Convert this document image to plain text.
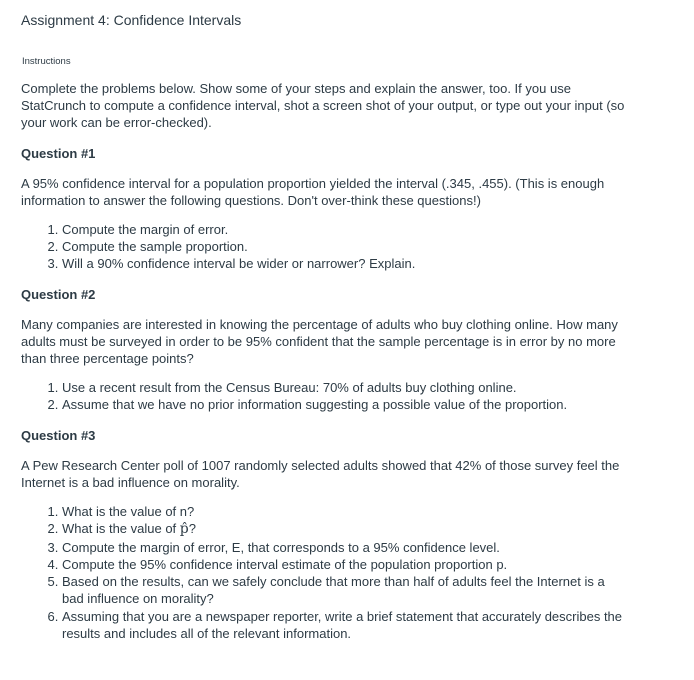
Assignment 4: Confidence Intervals
Instructions

Complete the problems below. Show some of your steps and explain the answer, too. If you use StatCrunch to compute a confidence interval, shot a screen shot of your output, or type out your input (so your work can be error-checked).

Question #1

A 95% confidence interval for a population proportion yielded the interval (.345, .455). (This is enough information to answer the following questions. Don't over-think these questions!)

1. Compute the margin of error.
2. Compute the sample proportion.
3. Will a 90% confidence interval be wider or narrower? Explain.

Question #2

Many companies are interested in knowing the percentage of adults who buy clothing online. How many adults must be surveyed in order to be 95% confident that the sample percentage is in error by no more than three percentage points?

1. Use a recent result from the Census Bureau: 70% of adults buy clothing online.
2. Assume that we have no prior information suggesting a possible value of the proportion.

Question #3

A Pew Research Center poll of 1007 randomly selected adults showed that 42% of those survey feel the Internet is a bad influence on morality.

1. What is the value of n?
2. What is the value of p̂?
3. Compute the margin of error, E, that corresponds to a 95% confidence level.
4. Compute the 95% confidence interval estimate of the population proportion p.
5. Based on the results, can we safely conclude that more than half of adults feel the Internet is a bad influence on morality?
6. Assuming that you are a newspaper reporter, write a brief statement that accurately describes the results and includes all of the relevant information.
